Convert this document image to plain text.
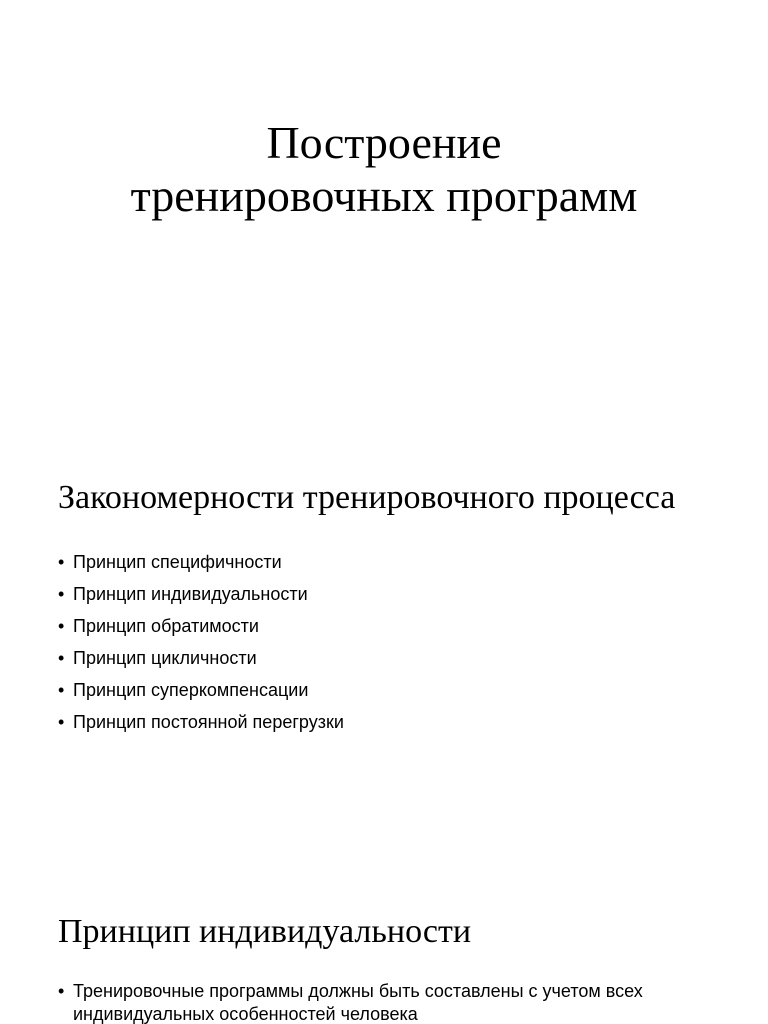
Построение
тренировочных программ
Закономерности тренировочного процесса
• Принцип специфичности
• Принцип индивидуальности
• Принцип обратимости
• Принцип цикличности
• Принцип суперкомпенсации
• Принцип постоянной перегрузки
Принцип индивидуальности
• Тренировочные программы должны быть составлены с учетом всех индивидуальных особенностей человека
